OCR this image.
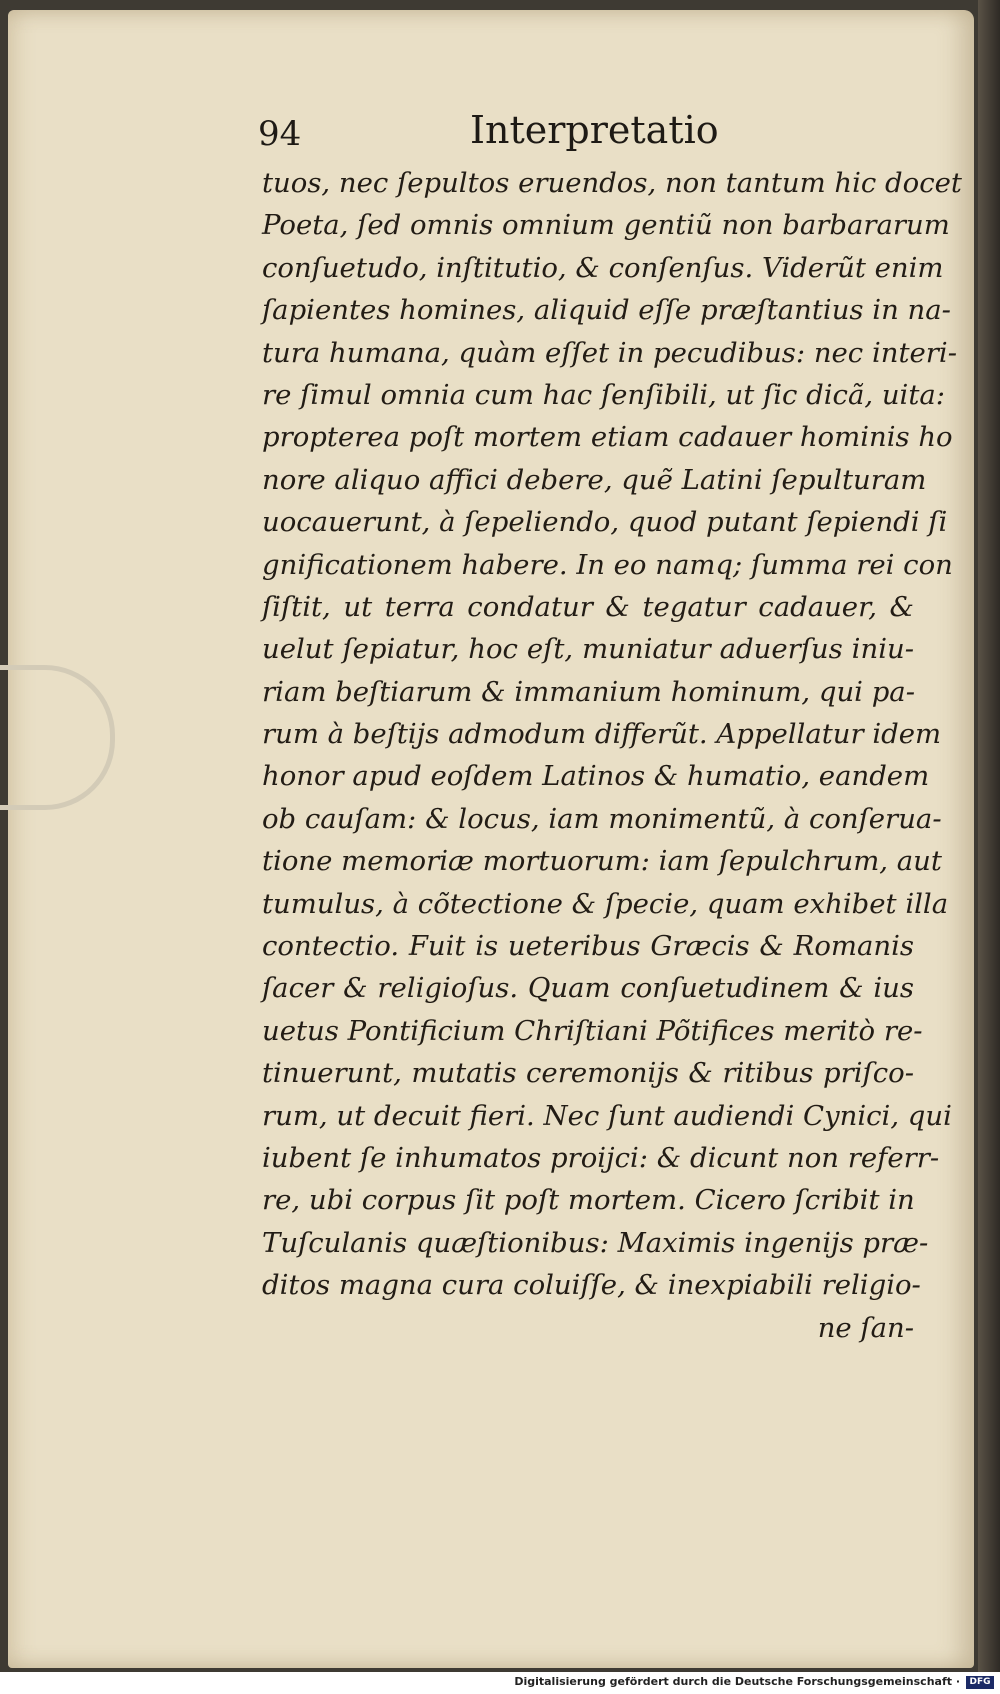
94	Interpretatio
tuos, nec ſepultos eruendos, non tantum hic docet
Poeta, ſed omnis omnium gentiũ non barbararum
conſuetudo, inſtitutio, & conſenſus. Viderũt enim
ſapientes homines, aliquid eſſe præſtantius in na-
tura humana, quàm eſſet in pecudibus: nec interi-
re ſimul omnia cum hac ſenſibili, ut ſic dicã, uita:
propterea poſt mortem etiam cadauer hominis ho
nore aliquo affici debere, quẽ Latini ſepulturam
uocauerunt, à ſepeliendo, quod putant ſepiendi ſi
gnificationem habere. In eo namq; ſumma rei con
ſiſtit, ut terra condatur & tegatur cadauer, &
uelut ſepiatur, hoc eſt, muniatur aduerſus iniu-
riam beſtiarum & immanium hominum, qui pa-
rum à beſtijs admodum differũt. Appellatur idem
honor apud eoſdem Latinos & humatio, eandem
ob cauſam: & locus, iam monimentũ, à conſerua-
tione memoriæ mortuorum: iam ſepulchrum, aut
tumulus, à cõtectione & ſpecie, quam exhibet illa
contectio. Fuit is ueteribus Græcis & Romanis
ſacer & religioſus. Quam conſuetudinem & ius
uetus Pontificium Chriſtiani Põtifices meritò re-
tinuerunt, mutatis ceremonijs & ritibus priſco-
rum, ut decuit fieri. Nec ſunt audiendi Cynici, qui
iubent ſe inhumatos proijci: & dicunt non referr-
re, ubi corpus ſit poſt mortem. Cicero ſcribit in
Tuſculanis quæſtionibus: Maximis ingenijs præ-
ditos magna cura coluiſſe, & inexpiabili religio-
ne ſan-
Digitalisierung gefördert durch die Deutsche Forschungsgemeinschaft ·	DFG
